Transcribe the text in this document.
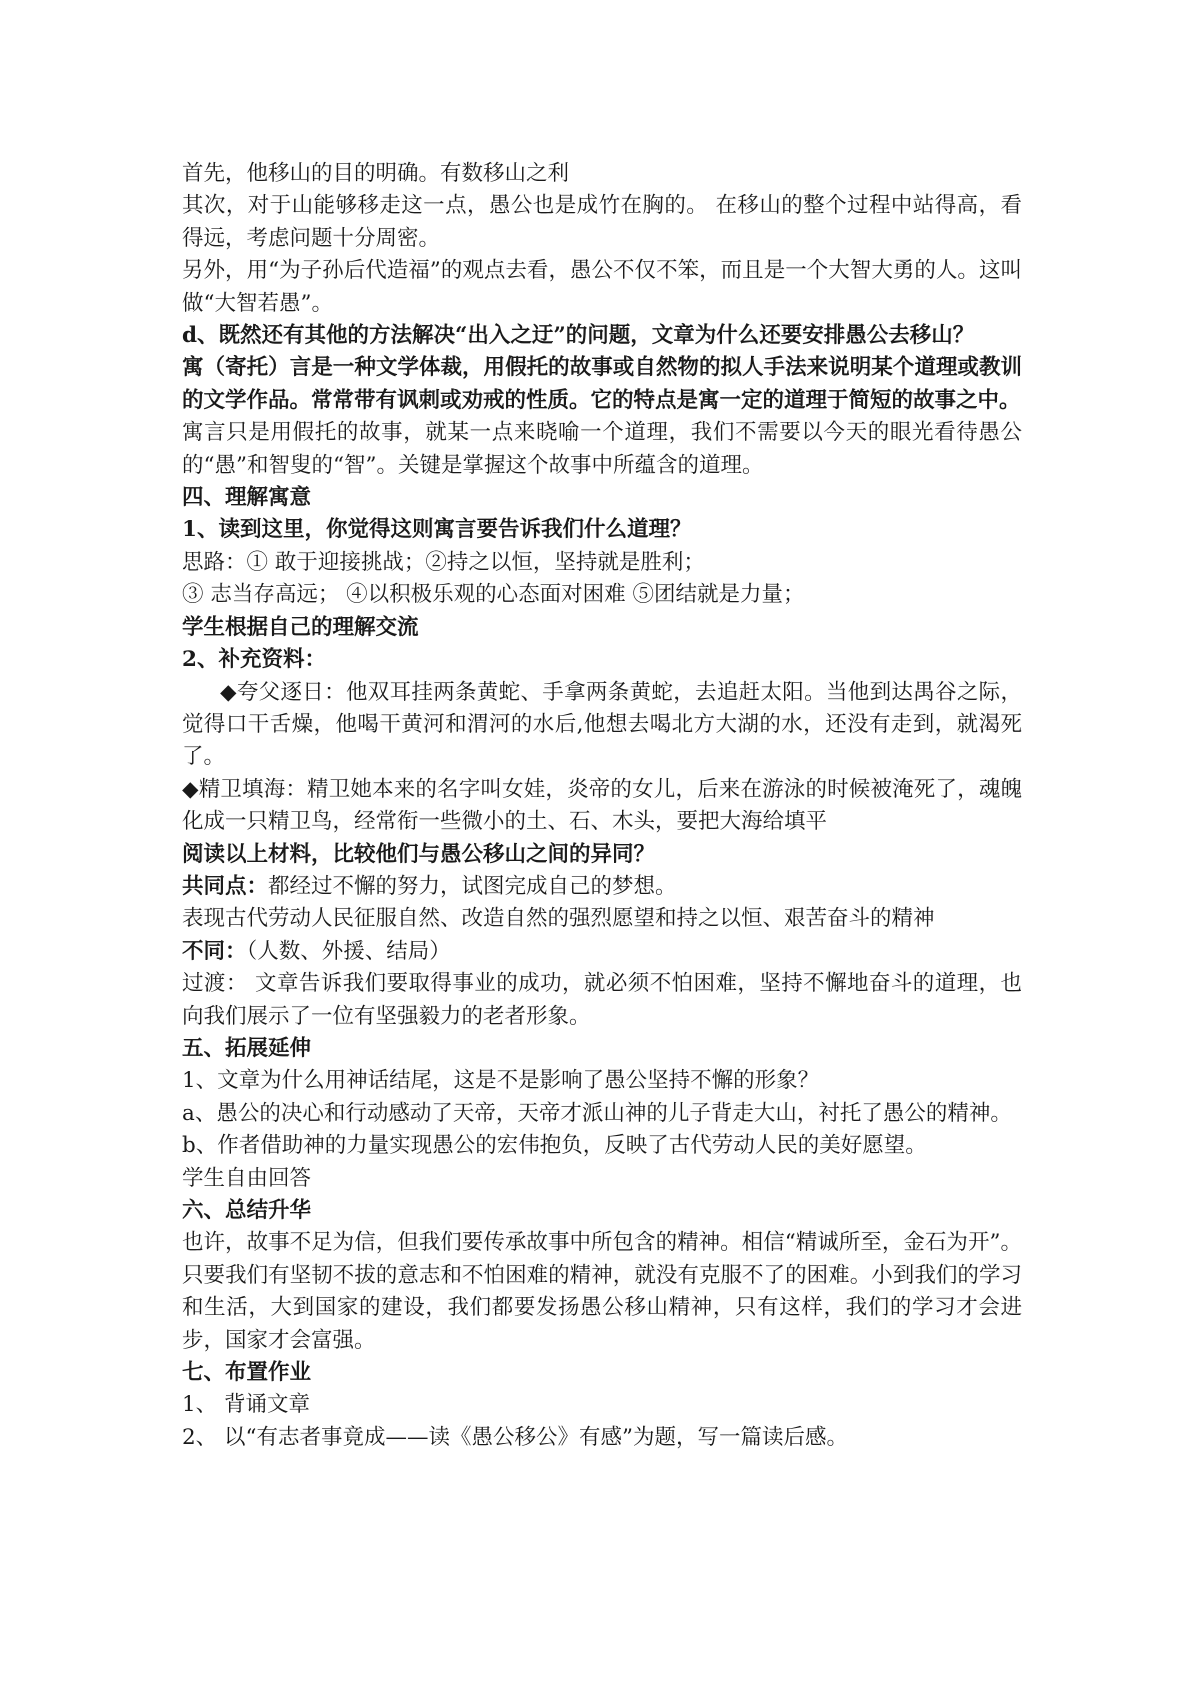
首先，他移山的目的明确。有数移山之利

其次，对于山能够移走这一点，愚公也是成竹在胸的。 在移山的整个过程中站得高，看得远，考虑问题十分周密。

另外，用“为子孙后代造福”的观点去看，愚公不仅不笨，而且是一个大智大勇的人。这叫做“大智若愚”。

d、既然还有其他的方法解决“出入之迂”的问题，文章为什么还要安排愚公去移山？

寓（寄托）言是一种文学体裁，用假托的故事或自然物的拟人手法来说明某个道理或教训的文学作品。常常带有讽刺或劝戒的性质。它的特点是寓一定的道理于简短的故事之中。

寓言只是用假托的故事，就某一点来晓喻一个道理，我们不需要以今天的眼光看待愚公的“愚”和智叟的“智”。关键是掌握这个故事中所蕴含的道理。

四、理解寓意

1、读到这里，你觉得这则寓言要告诉我们什么道理？

思路：① 敢于迎接挑战；②持之以恒，坚持就是胜利；

③ 志当存高远； ④以积极乐观的心态面对困难 ⑤团结就是力量；

学生根据自己的理解交流

2、补充资料：

◆夸父逐日：他双耳挂两条黄蛇、手拿两条黄蛇，去追赶太阳。当他到达禺谷之际，觉得口干舌燥，他喝干黄河和渭河的水后,他想去喝北方大湖的水，还没有走到，就渴死了。

◆精卫填海：精卫她本来的名字叫女娃，炎帝的女儿，后来在游泳的时候被淹死了，魂魄化成一只精卫鸟，经常衔一些微小的土、石、木头，要把大海给填平

阅读以上材料，比较他们与愚公移山之间的异同？

共同点：都经过不懈的努力，试图完成自己的梦想。

表现古代劳动人民征服自然、改造自然的强烈愿望和持之以恒、艰苦奋斗的精神

不同：（人数、外援、结局）

过渡： 文章告诉我们要取得事业的成功，就必须不怕困难，坚持不懈地奋斗的道理，也向我们展示了一位有坚强毅力的老者形象。

五、拓展延伸

1、文章为什么用神话结尾，这是不是影响了愚公坚持不懈的形象？

a、愚公的决心和行动感动了天帝，天帝才派山神的儿子背走大山，衬托了愚公的精神。

b、作者借助神的力量实现愚公的宏伟抱负，反映了古代劳动人民的美好愿望。

学生自由回答

六、总结升华

也许，故事不足为信，但我们要传承故事中所包含的精神。相信“精诚所至，金石为开”。只要我们有坚韧不拔的意志和不怕困难的精神，就没有克服不了的困难。小到我们的学习和生活，大到国家的建设，我们都要发扬愚公移山精神，只有这样，我们的学习才会进步，国家才会富强。

七、布置作业

1、 背诵文章

2、 以“有志者事竟成——读《愚公移公》有感”为题，写一篇读后感。
